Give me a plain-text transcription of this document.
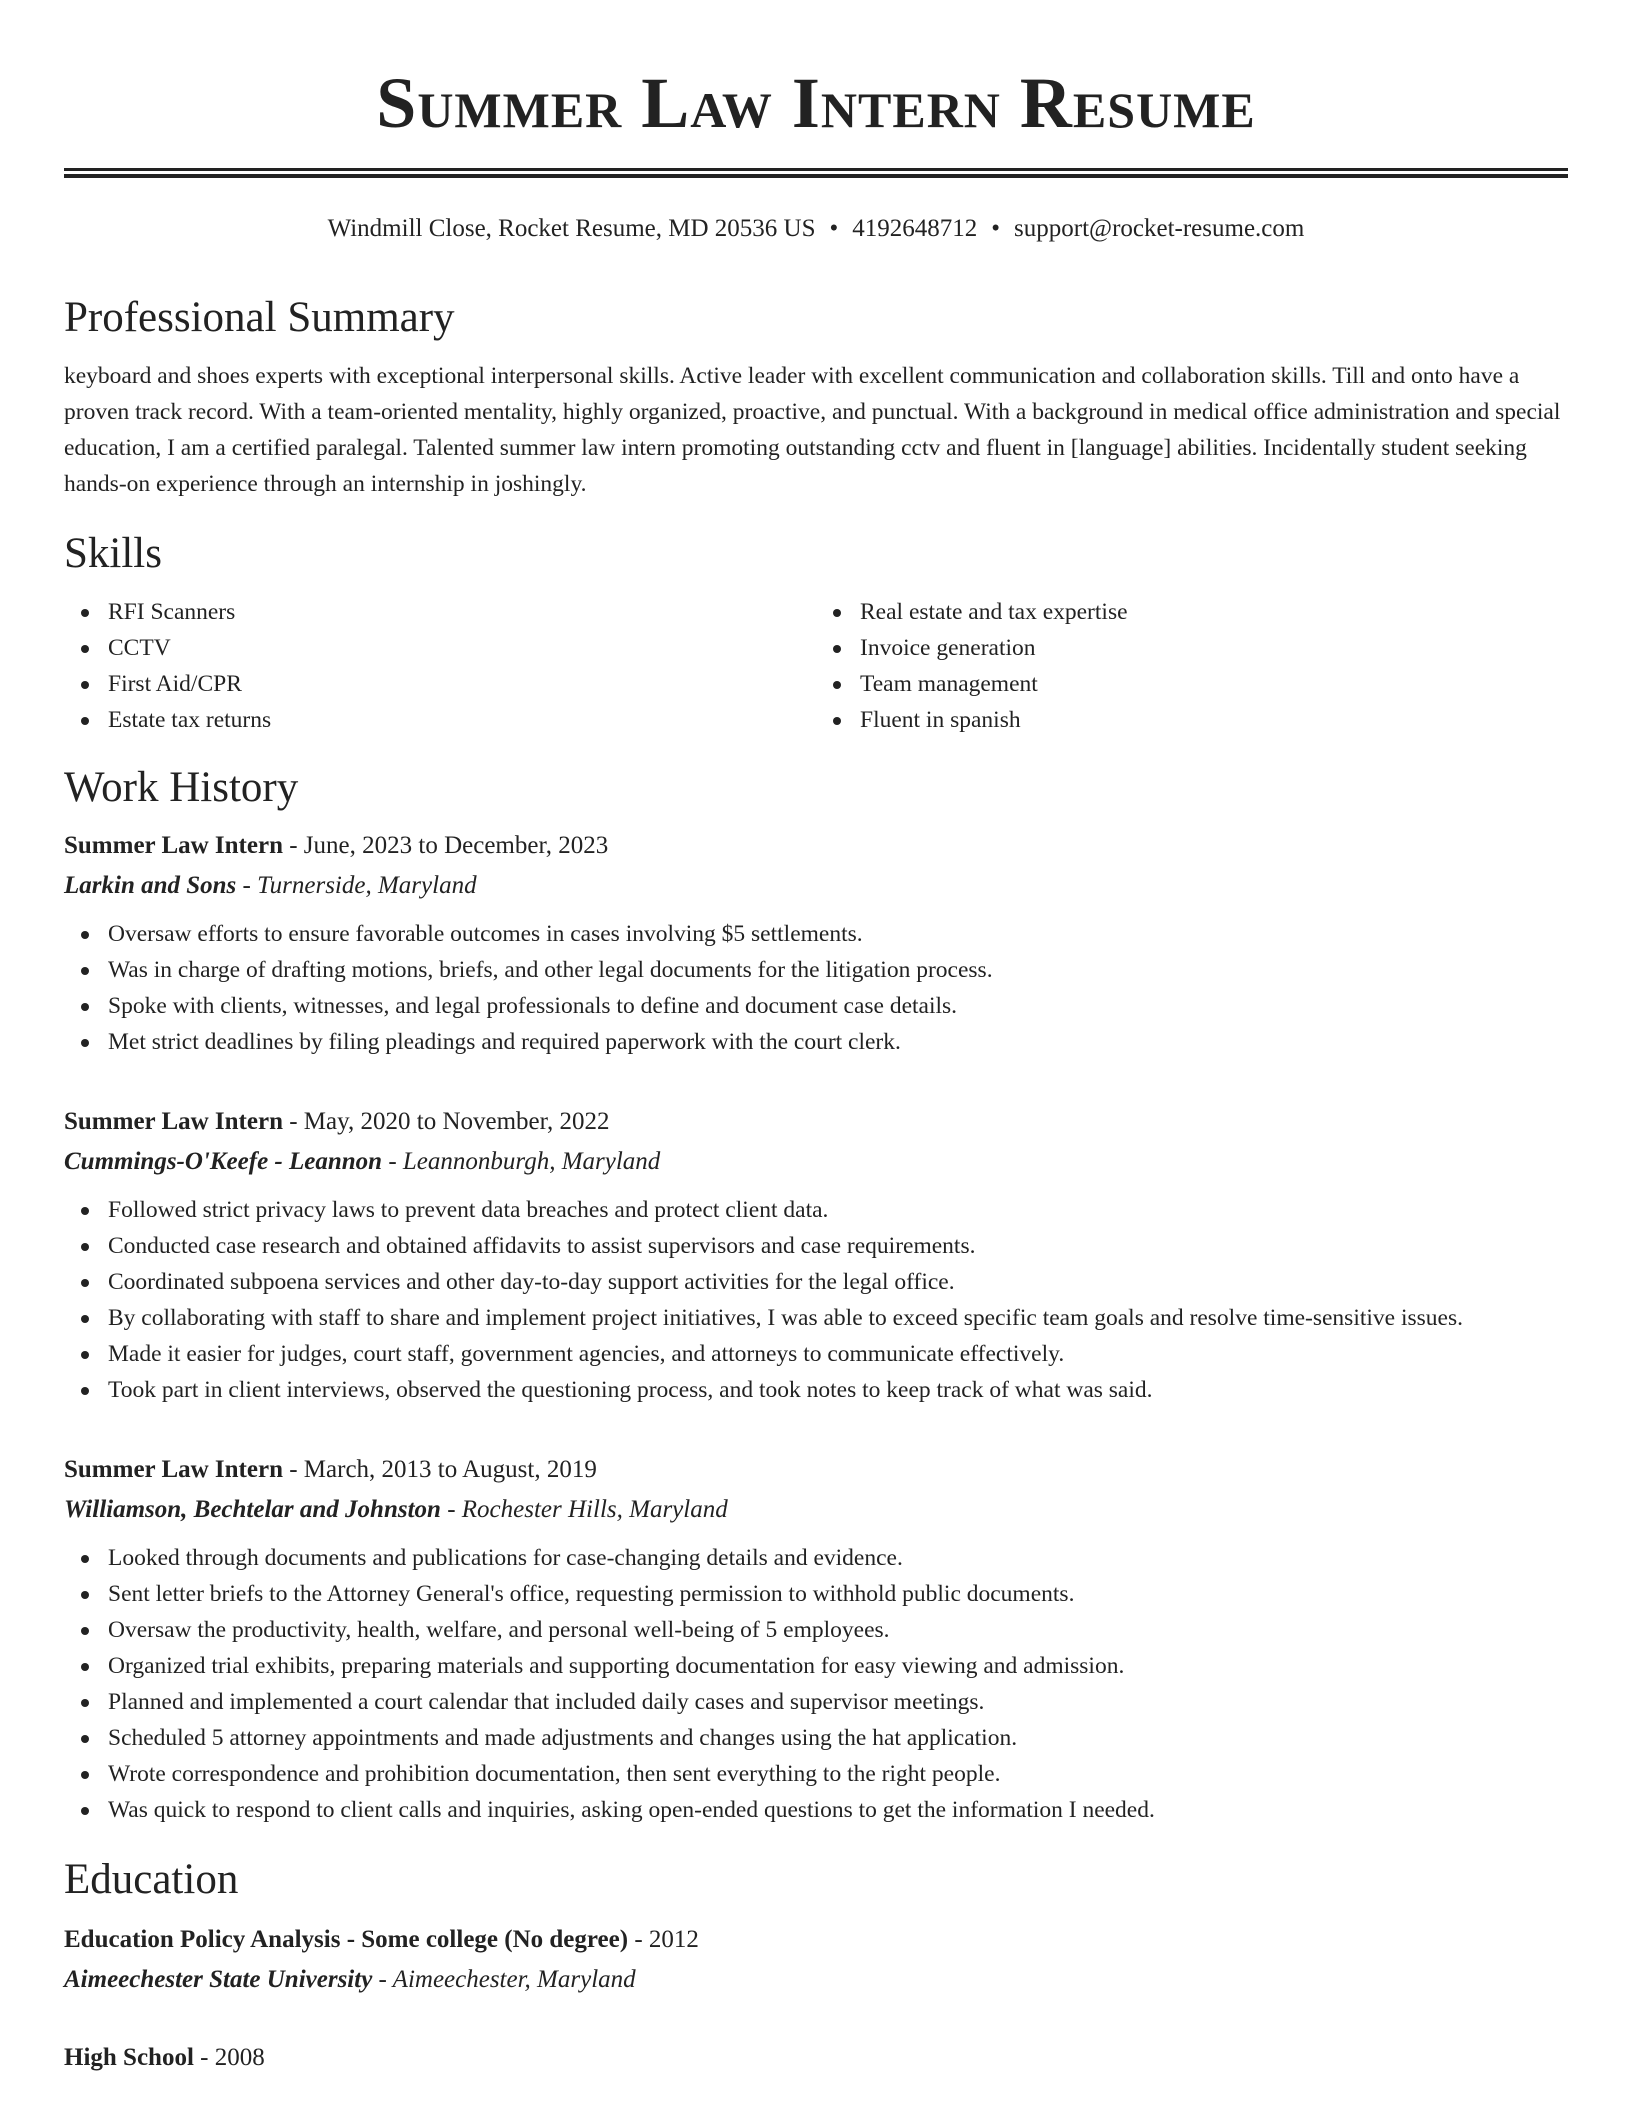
Summer Law Intern Resume
Windmill Close, Rocket Resume, MD 20536 US • 4192648712 • support@rocket-resume.com
Professional Summary

keyboard and shoes experts with exceptional interpersonal skills. Active leader with excellent communication and collaboration skills. Till and onto have a proven track record. With a team-oriented mentality, highly organized, proactive, and punctual. With a background in medical office administration and special education, I am a certified paralegal. Talented summer law intern promoting outstanding cctv and fluent in [language] abilities. Incidentally student seeking hands-on experience through an internship in joshingly.

Skills
RFI Scanners
CCTV
First Aid/CPR
Estate tax returns
Real estate and tax expertise
Invoice generation
Team management
Fluent in spanish
Work History
Summer Law Intern - June, 2023 to December, 2023
Larkin and Sons - Turnerside, Maryland
Oversaw efforts to ensure favorable outcomes in cases involving $5 settlements.
Was in charge of drafting motions, briefs, and other legal documents for the litigation process.
Spoke with clients, witnesses, and legal professionals to define and document case details.
Met strict deadlines by filing pleadings and required paperwork with the court clerk.
Summer Law Intern - May, 2020 to November, 2022
Cummings-O'Keefe - Leannon - Leannonburgh, Maryland
Followed strict privacy laws to prevent data breaches and protect client data.
Conducted case research and obtained affidavits to assist supervisors and case requirements.
Coordinated subpoena services and other day-to-day support activities for the legal office.
By collaborating with staff to share and implement project initiatives, I was able to exceed specific team goals and resolve time-sensitive issues.
Made it easier for judges, court staff, government agencies, and attorneys to communicate effectively.
Took part in client interviews, observed the questioning process, and took notes to keep track of what was said.
Summer Law Intern - March, 2013 to August, 2019
Williamson, Bechtelar and Johnston - Rochester Hills, Maryland
Looked through documents and publications for case-changing details and evidence.
Sent letter briefs to the Attorney General's office, requesting permission to withhold public documents.
Oversaw the productivity, health, welfare, and personal well-being of 5 employees.
Organized trial exhibits, preparing materials and supporting documentation for easy viewing and admission.
Planned and implemented a court calendar that included daily cases and supervisor meetings.
Scheduled 5 attorney appointments and made adjustments and changes using the hat application.
Wrote correspondence and prohibition documentation, then sent everything to the right people.
Was quick to respond to client calls and inquiries, asking open-ended questions to get the information I needed.
Education
Education Policy Analysis - Some college (No degree) - 2012
Aimeechester State University - Aimeechester, Maryland
High School - 2008
